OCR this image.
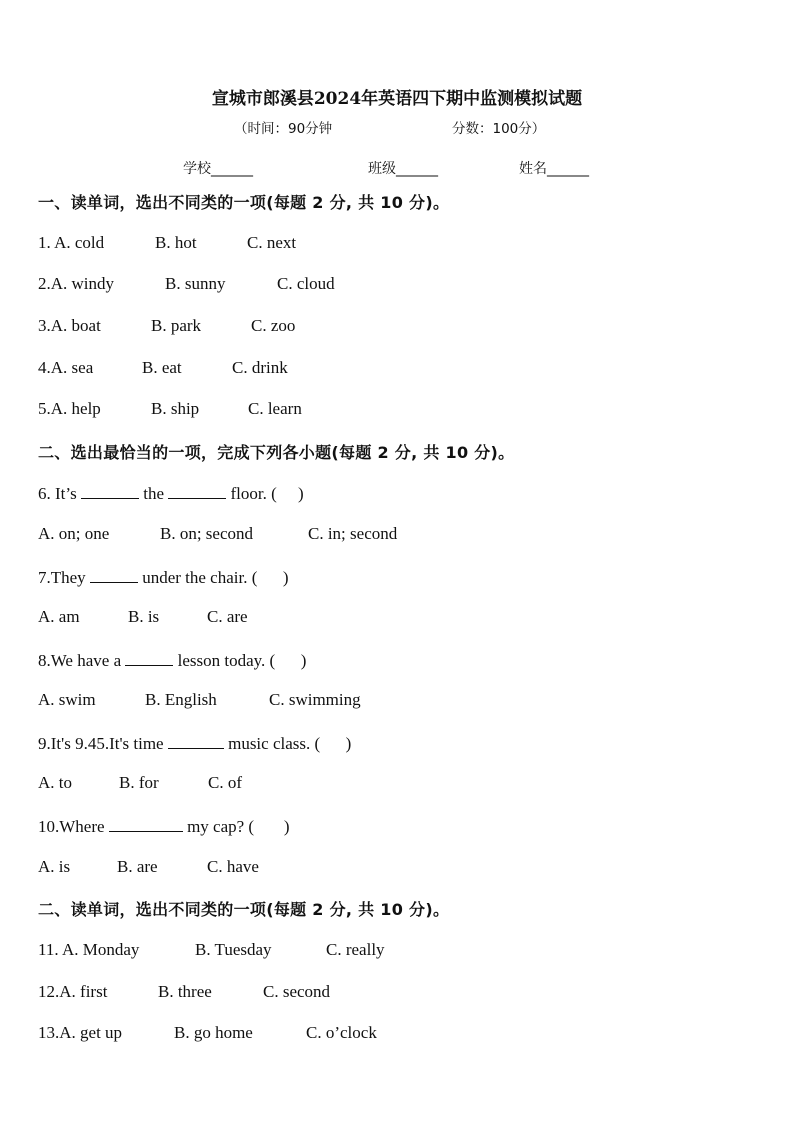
宣城市郎溪县2024年英语四下期中监测模拟试题
（时间：90分钟	分数：100分）
学校______	班级______	姓名______
一、读单词，选出不同类的一项(每题 2 分, 共 10 分)。
1. A. cold	B. hot	C. next
2.A. windy	B. sunny	C. cloud
3.A. boat	B. park	C. zoo
4.A. sea	B. eat	C. drink
5.A. help	B. ship	C. learn
二、选出最恰当的一项，完成下列各小题(每题 2 分, 共 10 分)。
6. It’s	the	floor. (     )
A. on; one	B. on; second	C. in; second
7.They	under the chair. (      )
A. am	B. is	C. are
8.We have a	lesson today. (      )
A. swim	B. English	C. swimming
9.It's 9.45.It's time	music class. (      )
A. to	B. for	C. of
10.Where	my cap? (       )
A. is	B. are	C. have
二、读单词，选出不同类的一项(每题 2 分, 共 10 分)。
11. A. Monday	B. Tuesday	C. really
12.A. first	B. three	C. second
13.A. get up	B. go home	C. o’clock
